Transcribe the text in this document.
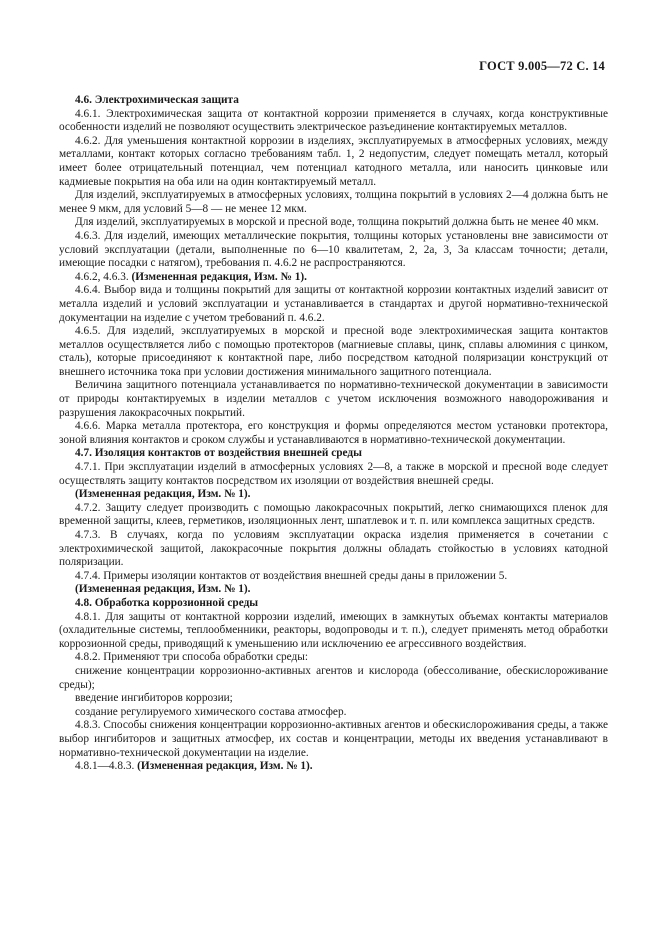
ГОСТ 9.005—72 С. 14

4.6. Электрохимическая защита

4.6.1. Электрохимическая защита от контактной коррозии применяется в случаях, когда конструктивные особенности изделий не позволяют осуществить электрическое разъединение контактируемых металлов.

4.6.2. Для уменьшения контактной коррозии в изделиях, эксплуатируемых в атмосферных условиях, между металлами, контакт которых согласно требованиям табл. 1, 2 недопустим, следует помещать металл, который имеет более отрицательный потенциал, чем потенциал катодного металла, или наносить цинковые или кадмиевые покрытия на оба или на один контактируемый металл.

Для изделий, эксплуатируемых в атмосферных условиях, толщина покрытий в условиях 2—4 должна быть не менее 9 мкм, для условий 5—8 — не менее 12 мкм.

Для изделий, эксплуатируемых в морской и пресной воде, толщина покрытий должна быть не менее 40 мкм.

4.6.3. Для изделий, имеющих металлические покрытия, толщины которых установлены вне зависимости от условий эксплуатации (детали, выполненные по 6—10 квалитетам, 2, 2а, 3, 3а классам точности; детали, имеющие посадки с натягом), требования п. 4.6.2 не распространяются.

4.6.2, 4.6.3. (Измененная редакция, Изм. № 1).

4.6.4. Выбор вида и толщины покрытий для защиты от контактной коррозии контактных изделий зависит от металла изделий и условий эксплуатации и устанавливается в стандартах и другой нормативно-технической документации на изделие с учетом требований п. 4.6.2.

4.6.5. Для изделий, эксплуатируемых в морской и пресной воде электрохимическая защита контактов металлов осуществляется либо с помощью протекторов (магниевые сплавы, цинк, сплавы алюминия с цинком, сталь), которые присоединяют к контактной паре, либо посредством катодной поляризации конструкций от внешнего источника тока при условии достижения минимального защитного потенциала.

Величина защитного потенциала устанавливается по нормативно-технической документации в зависимости от природы контактируемых в изделии металлов с учетом исключения возможного наводороживания и разрушения лакокрасочных покрытий.

4.6.6. Марка металла протектора, его конструкция и формы определяются местом установки протектора, зоной влияния контактов и сроком службы и устанавливаются в нормативно-технической документации.

4.7. Изоляция контактов от воздействия внешней среды

4.7.1. При эксплуатации изделий в атмосферных условиях 2—8, а также в морской и пресной воде следует осуществлять защиту контактов посредством их изоляции от воздействия внешней среды.

(Измененная редакция, Изм. № 1).

4.7.2. Защиту следует производить с помощью лакокрасочных покрытий, легко снимающихся пленок для временной защиты, клеев, герметиков, изоляционных лент, шпатлевок и т. п. или комплекса защитных средств.

4.7.3. В случаях, когда по условиям эксплуатации окраска изделия применяется в сочетании с электрохимической защитой, лакокрасочные покрытия должны обладать стойкостью в условиях катодной поляризации.

4.7.4. Примеры изоляции контактов от воздействия внешней среды даны в приложении 5.

(Измененная редакция, Изм. № 1).

4.8. Обработка коррозионной среды

4.8.1. Для защиты от контактной коррозии изделий, имеющих в замкнутых объемах контакты материалов (охладительные системы, теплообменники, реакторы, водопроводы и т. п.), следует применять метод обработки коррозионной среды, приводящий к уменьшению или исключению ее агрессивного воздействия.

4.8.2. Применяют три способа обработки среды:

снижение концентрации коррозионно-активных агентов и кислорода (обессоливание, обескислороживание среды);

введение ингибиторов коррозии;

создание регулируемого химического состава атмосфер.

4.8.3. Способы снижения концентрации коррозионно-активных агентов и обескислороживания среды, а также выбор ингибиторов и защитных атмосфер, их состав и концентрации, методы их введения устанавливают в нормативно-технической документации на изделие.

4.8.1—4.8.3. (Измененная редакция, Изм. № 1).
